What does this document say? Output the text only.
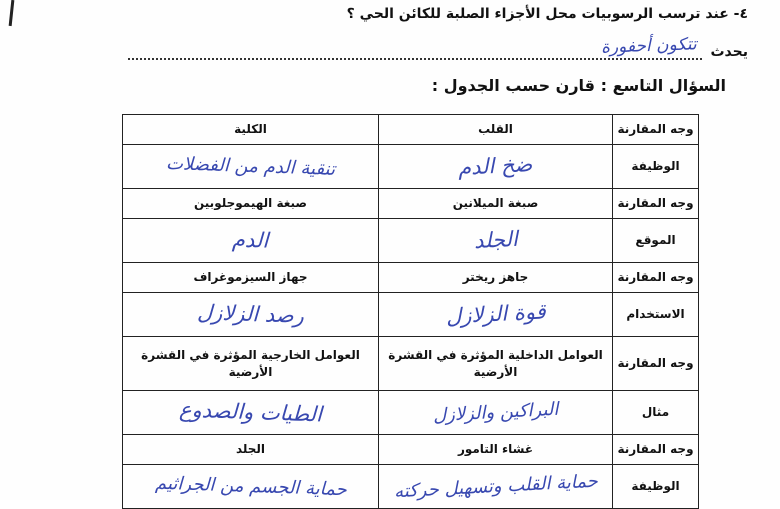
٤- عند ترسب الرسوبيات محل الأجزاء الصلبة للكائن الحي ؟
يحدث
تتكون أحفورة
السؤال التاسع : قارن حسب الجدول :
وجه المقارنة	القلب	الكلية
الوظيفة	ضخ الدم	تنقية الدم من الفضلات
وجه المقارنة	صبغة الميلانين	صبغة الهيموجلوبين
الموقع	الجلد	الدم
وجه المقارنة	جاهز ريختر	جهاز السيزموغراف
الاستخدام	قوة الزلازل	رصد الزلازل
وجه المقارنة	العوامل الداخلية المؤثرة في القشرة الأرضية	العوامل الخارجية المؤثرة في القشرة الأرضية
مثال	البراكين والزلازل	الطيات والصدوع
وجه المقارنة	غشاء التامور	الجلد
الوظيفة	حماية القلب وتسهيل حركته	حماية الجسم من الجراثيم
